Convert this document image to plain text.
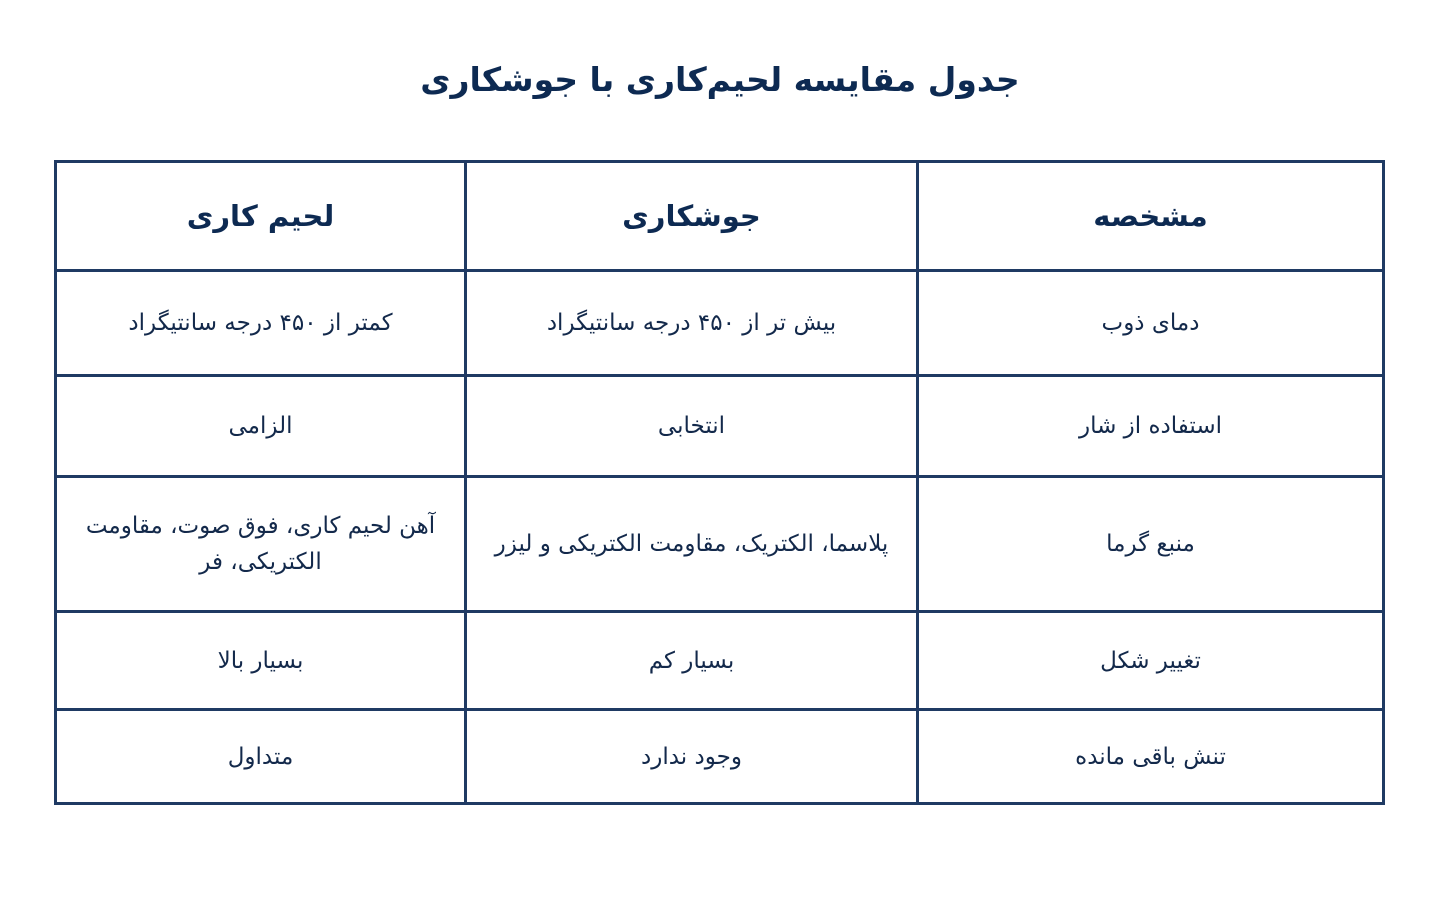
جدول مقایسه لحیم‌کاری با جوشکاری
مشخصه	جوشکاری	لحیم کاری
دمای ذوب	بیش تر از ۴۵۰ درجه سانتیگراد	کمتر از ۴۵۰ درجه سانتیگراد
استفاده از شار	انتخابی	الزامی
منبع گرما	پلاسما، الکتریک، مقاومت الکتریکی و لیزر	آهن لحیم کاری، فوق صوت، مقاومت الکتریکی، فر
تغییر شکل	بسیار کم	بسیار بالا
تنش باقی مانده	وجود ندارد	متداول
